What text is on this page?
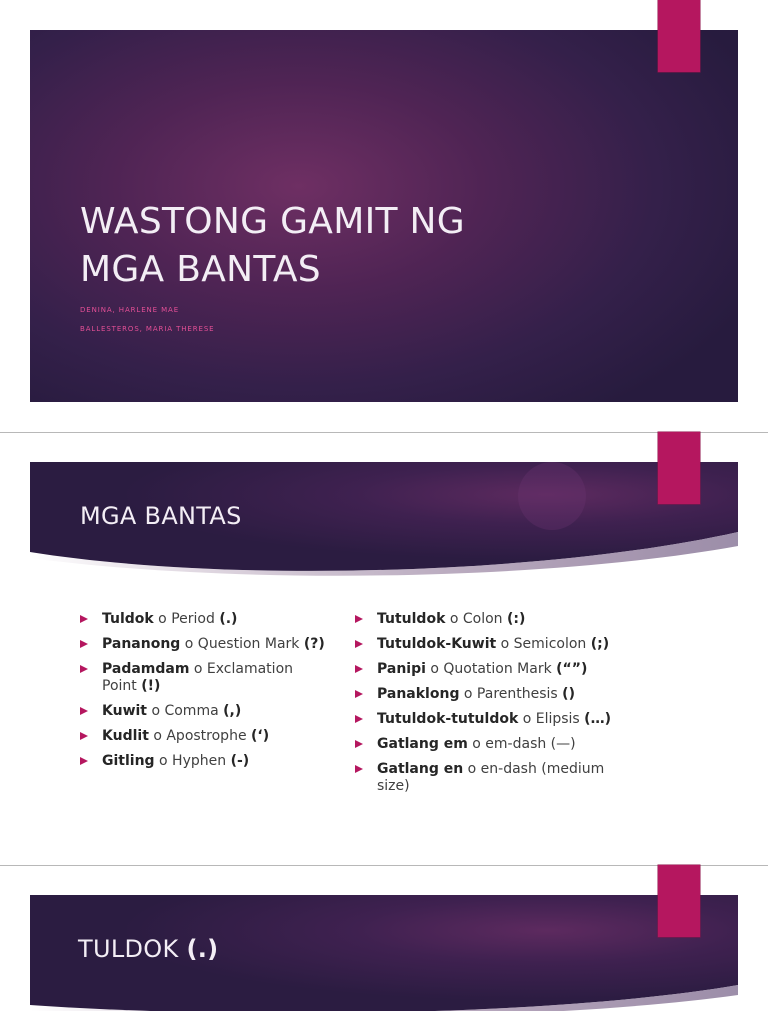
WASTONG GAMIT NG
MGA BANTAS

DENINA, HARLENE MAE

BALLESTEROS, MARIA THERESE

MGA BANTAS
Tuldok o Period (.)
Pananong o Question Mark (?)
Padamdam o Exclamation Point (!)
Kuwit o Comma (,)
Kudlit o Apostrophe (‘)
Gitling o Hyphen (-)
Tutuldok o Colon (:)
Tutuldok-Kuwit o Semicolon (;)
Panipi o Quotation Mark (“”)
Panaklong o Parenthesis ()
Tutuldok-tutuldok o Elipsis (…)
Gatlang em o em-dash (—)
Gatlang en o en-dash (medium size)
TULDOK (.)
